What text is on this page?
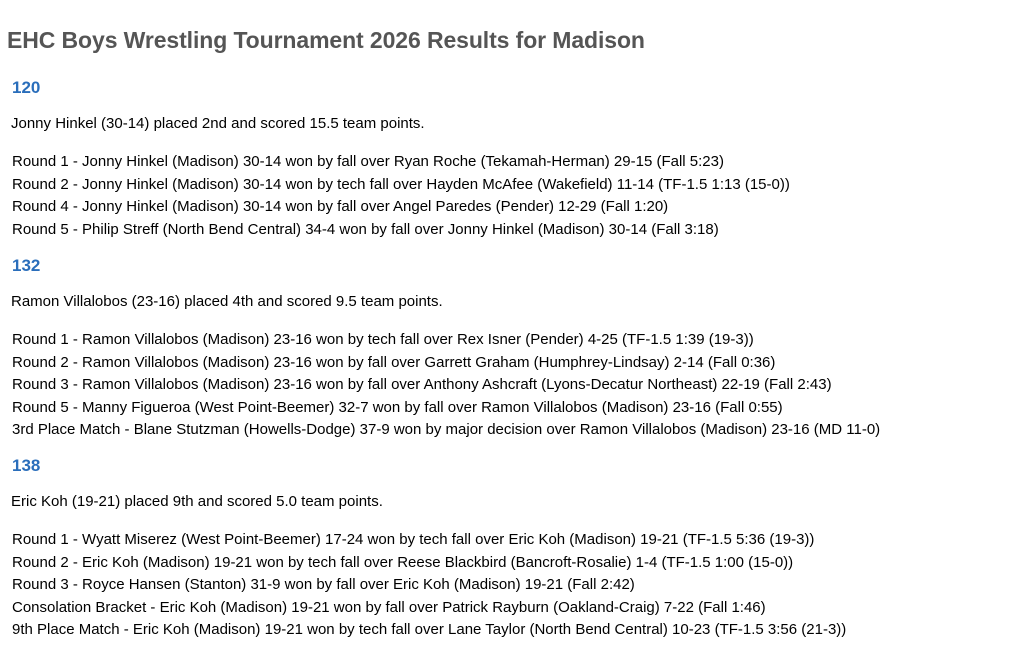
EHC Boys Wrestling Tournament 2026 Results for Madison
120

Jonny Hinkel (30-14) placed 2nd and scored 15.5 team points.

Round 1 - Jonny Hinkel (Madison) 30-14 won by fall over Ryan Roche (Tekamah-Herman) 29-15 (Fall 5:23)
Round 2 - Jonny Hinkel (Madison) 30-14 won by tech fall over Hayden McAfee (Wakefield) 11-14 (TF-1.5 1:13 (15-0))
Round 4 - Jonny Hinkel (Madison) 30-14 won by fall over Angel Paredes (Pender) 12-29 (Fall 1:20)
Round 5 - Philip Streff (North Bend Central) 34-4 won by fall over Jonny Hinkel (Madison) 30-14 (Fall 3:18)
132

Ramon Villalobos (23-16) placed 4th and scored 9.5 team points.

Round 1 - Ramon Villalobos (Madison) 23-16 won by tech fall over Rex Isner (Pender) 4-25 (TF-1.5 1:39 (19-3))
Round 2 - Ramon Villalobos (Madison) 23-16 won by fall over Garrett Graham (Humphrey-Lindsay) 2-14 (Fall 0:36)
Round 3 - Ramon Villalobos (Madison) 23-16 won by fall over Anthony Ashcraft (Lyons-Decatur Northeast) 22-19 (Fall 2:43)
Round 5 - Manny Figueroa (West Point-Beemer) 32-7 won by fall over Ramon Villalobos (Madison) 23-16 (Fall 0:55)
3rd Place Match - Blane Stutzman (Howells-Dodge) 37-9 won by major decision over Ramon Villalobos (Madison) 23-16 (MD 11-0)
138

Eric Koh (19-21) placed 9th and scored 5.0 team points.

Round 1 - Wyatt Miserez (West Point-Beemer) 17-24 won by tech fall over Eric Koh (Madison) 19-21 (TF-1.5 5:36 (19-3))
Round 2 - Eric Koh (Madison) 19-21 won by tech fall over Reese Blackbird (Bancroft-Rosalie) 1-4 (TF-1.5 1:00 (15-0))
Round 3 - Royce Hansen (Stanton) 31-9 won by fall over Eric Koh (Madison) 19-21 (Fall 2:42)
Consolation Bracket - Eric Koh (Madison) 19-21 won by fall over Patrick Rayburn (Oakland-Craig) 7-22 (Fall 1:46)
9th Place Match - Eric Koh (Madison) 19-21 won by tech fall over Lane Taylor (North Bend Central) 10-23 (TF-1.5 3:56 (21-3))
